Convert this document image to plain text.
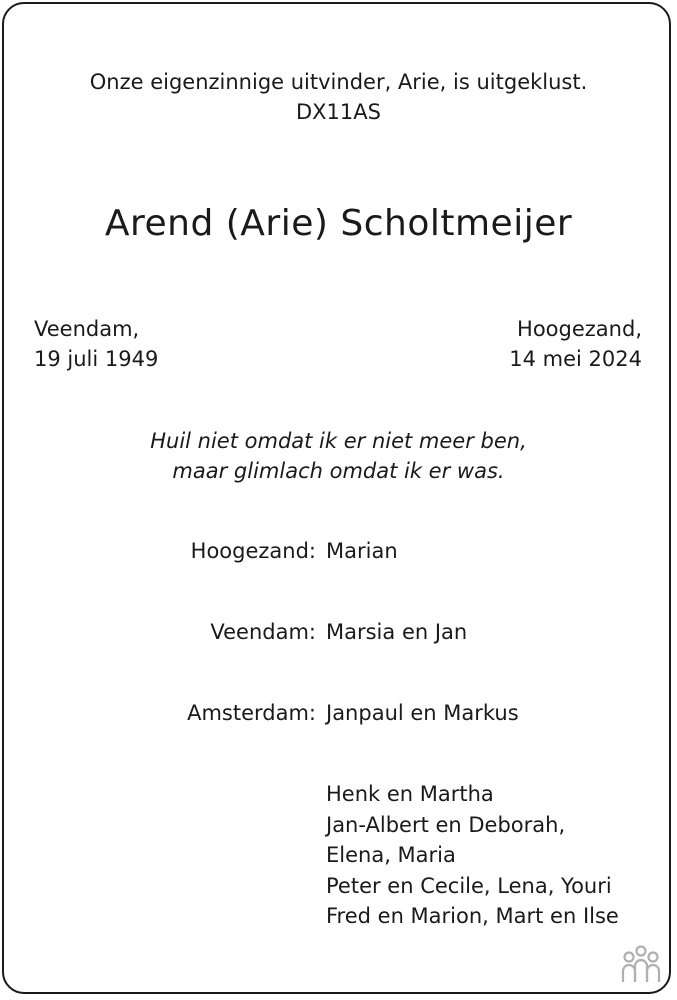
Onze eigenzinnige uitvinder, Arie, is uitgeklust.
DX11AS
Arend (Arie) Scholtmeijer
Veendam,
19 juli 1949
Hoogezand,
14 mei 2024
Huil niet omdat ik er niet meer ben,
maar glimlach omdat ik er was.
Hoogezand: Marian
Veendam: Marsia en Jan
Amsterdam: Janpaul en Markus
Henk en Martha
Jan-Albert en Deborah,
Elena, Maria
Peter en Cecile, Lena, Youri
Fred en Marion, Mart en Ilse
